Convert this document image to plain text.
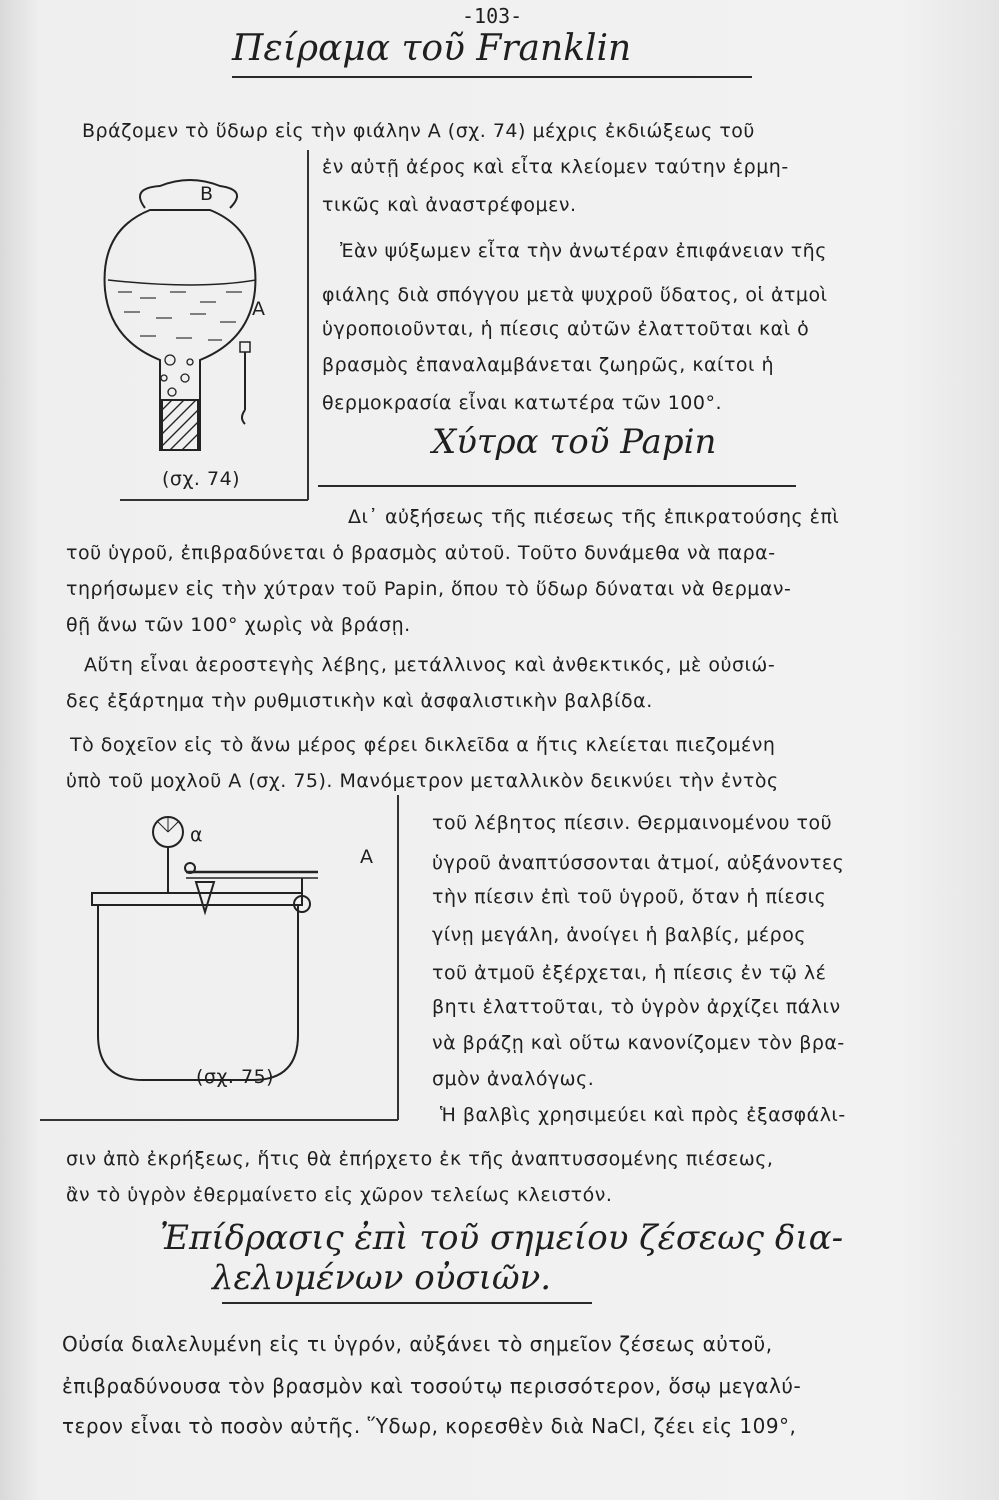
-103-
Πείραμα τοῦ Franklin
Βράζομεν τὸ ὕδωρ εἰς τὴν φιάλην Α (σχ. 74) μέχρις ἐκδιώξεως τοῦ
ἐν αὐτῇ ἀέρος καὶ εἶτα κλείομεν ταύτην ἑρμη-
τικῶς καὶ ἀναστρέφομεν.
Ἐὰν ψύξωμεν εἶτα τὴν ἀνωτέραν ἐπιφάνειαν τῆς
φιάλης διὰ σπόγγου μετὰ ψυχροῦ ὕδατος, οἱ ἀτμοὶ
ὑγροποιοῦνται, ἡ πίεσις αὐτῶν ἐλαττοῦται καὶ ὁ
βρασμὸς ἐπαναλαμβάνεται ζωηρῶς, καίτοι ἡ
θερμοκρασία εἶναι κατωτέρα τῶν 100°.
B
A
(σχ. 74)
Χύτρα τοῦ Papin
Δι᾽ αὐξήσεως τῆς πιέσεως τῆς ἐπικρατούσης ἐπὶ
τοῦ ὑγροῦ, ἐπιβραδύνεται ὁ βρασμὸς αὐτοῦ. Τοῦτο δυνάμεθα νὰ παρα-
τηρήσωμεν εἰς τὴν χύτραν τοῦ Papin, ὅπου τὸ ὕδωρ δύναται νὰ θερμαν-
θῇ ἄνω τῶν 100° χωρὶς νὰ βράσῃ.
Αὕτη εἶναι ἀεροστεγὴς λέβης, μετάλλινος καὶ ἀνθεκτικός, μὲ οὐσιώ-
δες ἐξάρτημα τὴν ρυθμιστικὴν καὶ ἀσφαλιστικὴν βαλβίδα.
Τὸ δοχεῖον εἰς τὸ ἄνω μέρος φέρει δικλεῖδα α ἥτις κλείεται πιεζομένη
ὑπὸ τοῦ μοχλοῦ Α (σχ. 75). Μανόμετρον μεταλλικὸν δεικνύει τὴν ἐντὸς
τοῦ λέβητος πίεσιν. Θερμαινομένου τοῦ
ὑγροῦ ἀναπτύσσονται ἀτμοί, αὐξάνοντες
τὴν πίεσιν ἐπὶ τοῦ ὑγροῦ, ὅταν ἡ πίεσις
γίνῃ μεγάλη, ἀνοίγει ἡ βαλβίς, μέρος
τοῦ ἀτμοῦ ἐξέρχεται, ἡ πίεσις ἐν τῷ λέ
βητι ἐλαττοῦται, τὸ ὑγρὸν ἀρχίζει πάλιν
νὰ βράζῃ καὶ οὕτω κανονίζομεν τὸν βρα-
σμὸν ἀναλόγως.
Ἡ βαλβὶς χρησιμεύει καὶ πρὸς ἐξασφάλι-
σιν ἀπὸ ἐκρήξεως, ἥτις θὰ ἐπήρχετο ἐκ τῆς ἀναπτυσσομένης πιέσεως,
ἂν τὸ ὑγρὸν ἐθερμαίνετο εἰς χῶρον τελείως κλειστόν.
α
A
(σχ. 75)
Ἐπίδρασις ἐπὶ τοῦ σημείου ζέσεως δια-
λελυμένων οὐσιῶν.
Οὐσία διαλελυμένη εἰς τι ὑγρόν, αὐξάνει τὸ σημεῖον ζέσεως αὐτοῦ,
ἐπιβραδύνουσα τὸν βρασμὸν καὶ τοσούτῳ περισσότερον, ὅσῳ μεγαλύ-
τερον εἶναι τὸ ποσὸν αὐτῆς. Ὕδωρ, κορεσθὲν διὰ NaCl, ζέει εἰς 109°,
